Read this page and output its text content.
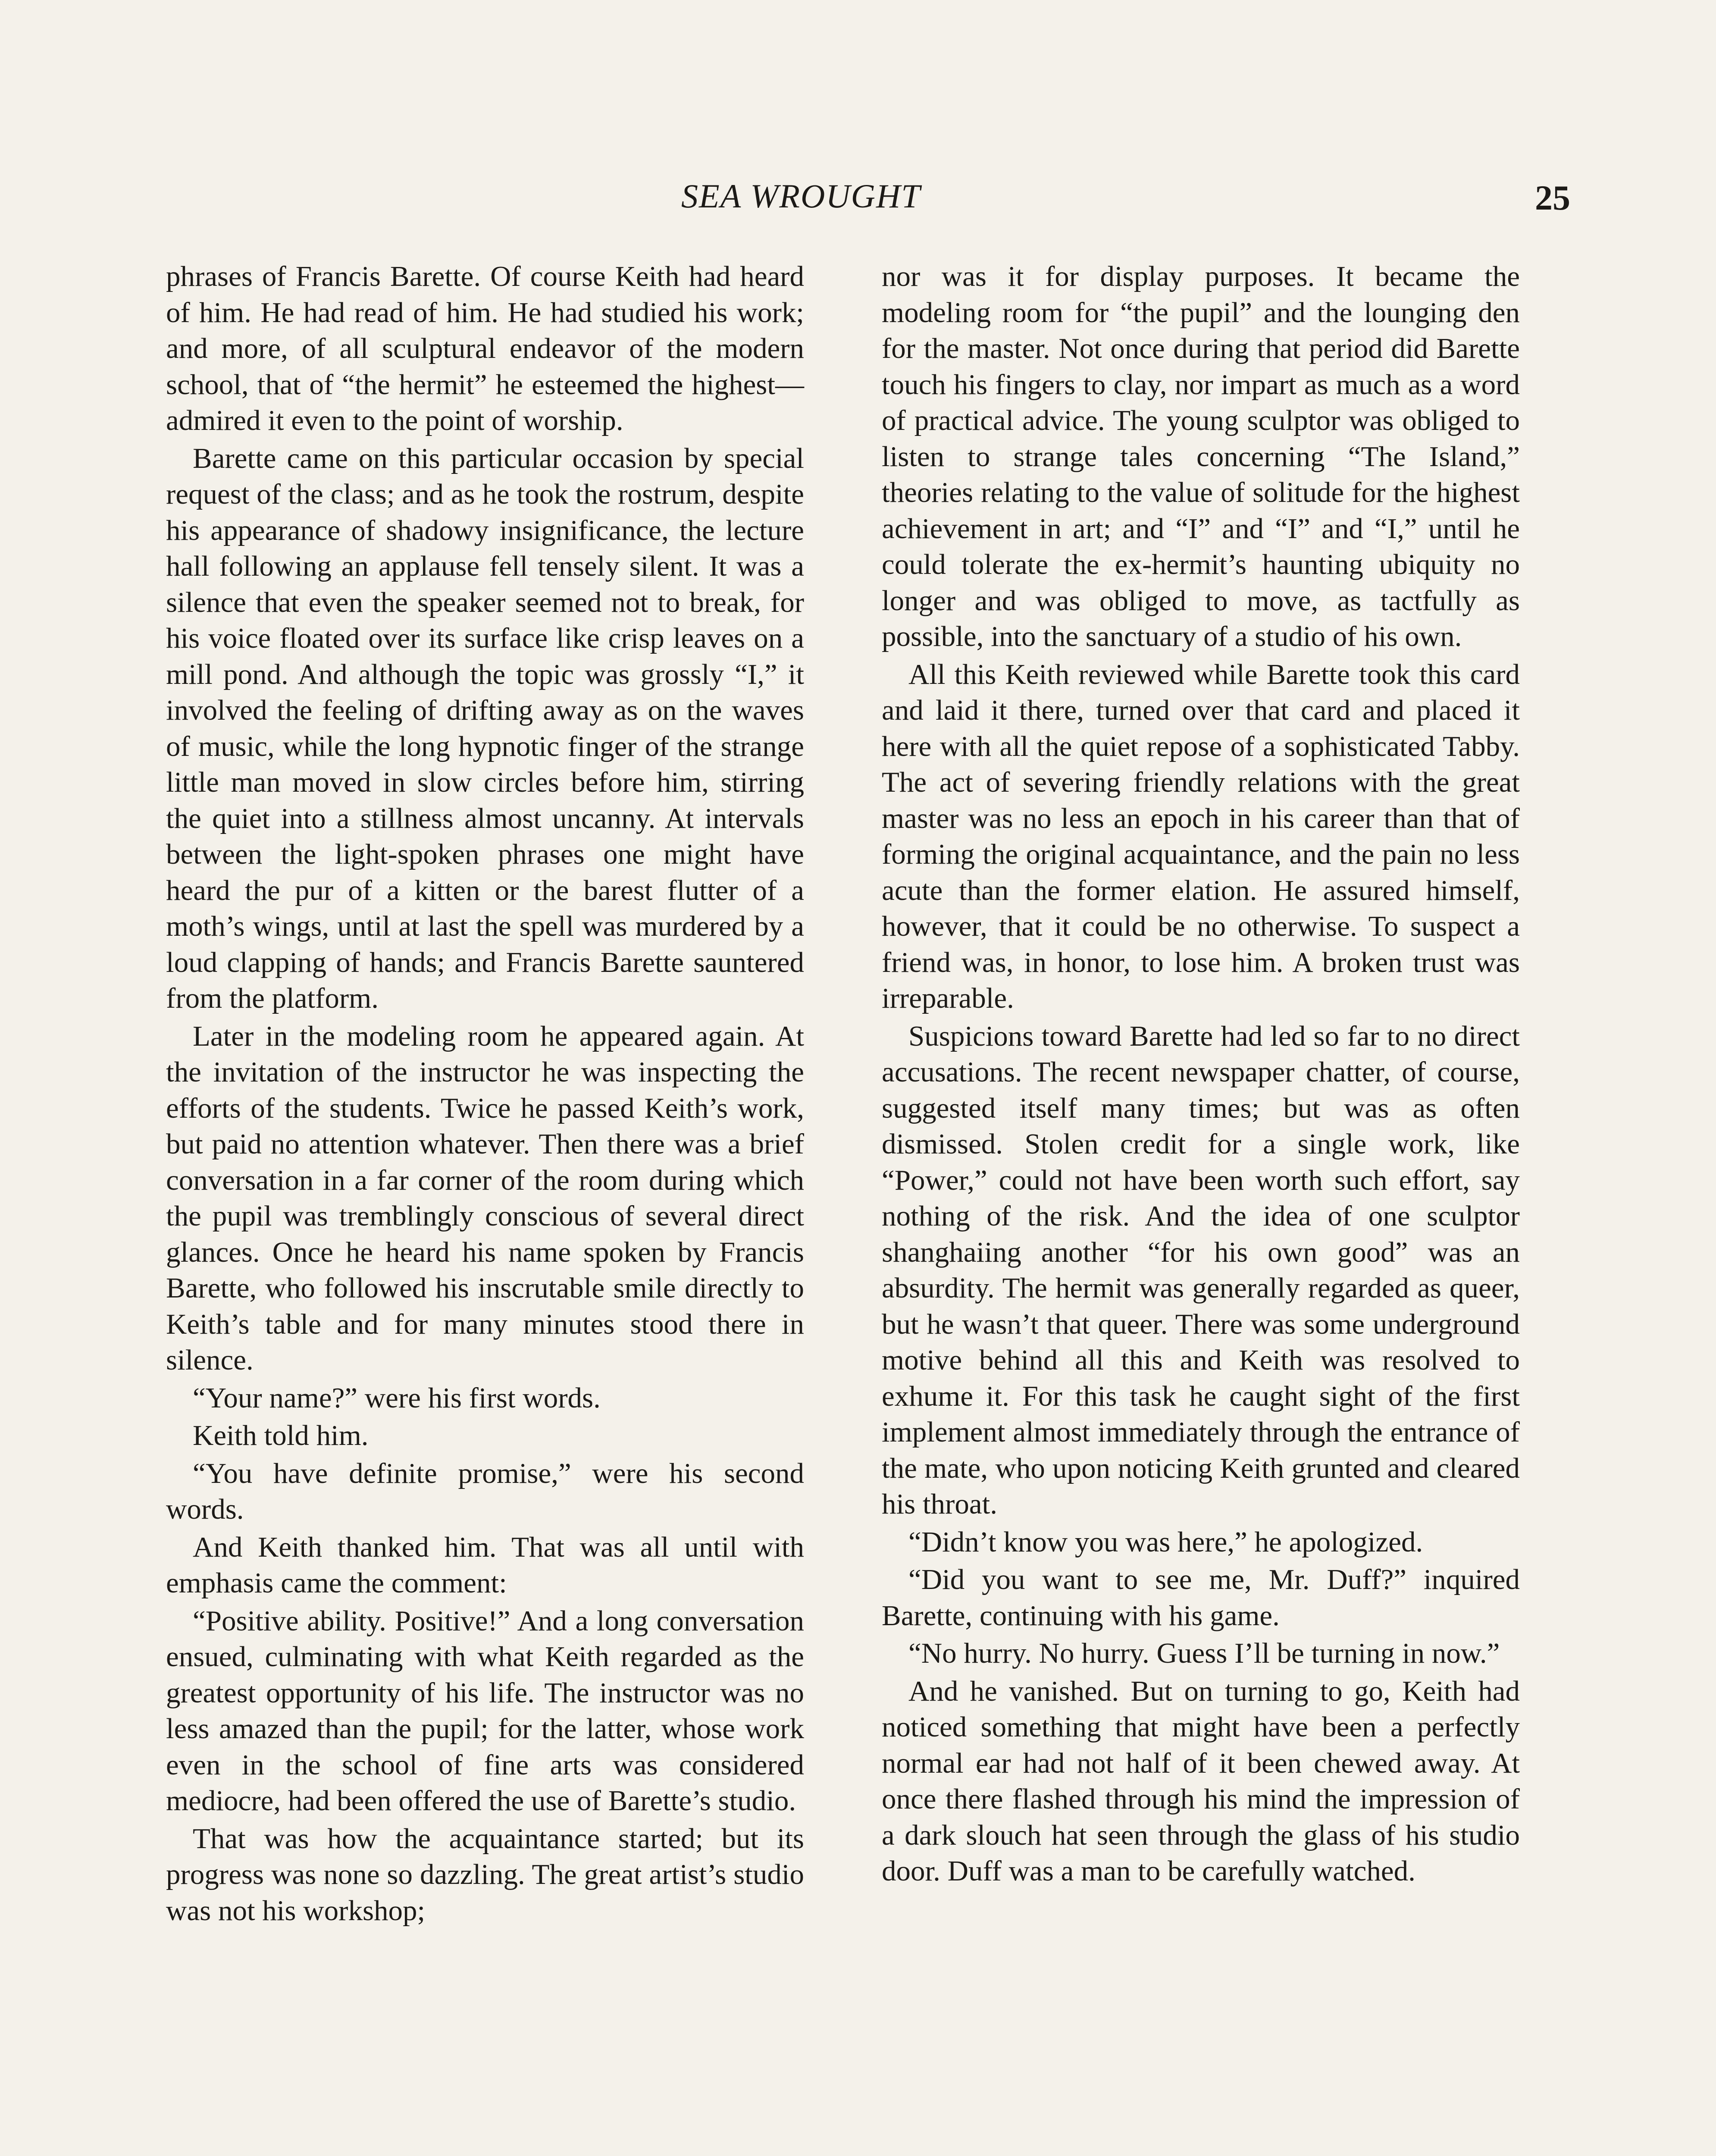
SEA WROUGHT	25

phrases of Francis Barette. Of course Keith had heard of him. He had read of him. He had studied his work; and more, of all sculptural endeavor of the modern school, that of “the hermit” he esteemed the highest—admired it even to the point of worship.

Barette came on this particular occasion by special request of the class; and as he took the rostrum, despite his appearance of shadowy insignificance, the lecture hall following an applause fell tensely silent. It was a silence that even the speaker seemed not to break, for his voice floated over its surface like crisp leaves on a mill pond. And although the topic was grossly “I,” it involved the feeling of drifting away as on the waves of music, while the long hypnotic finger of the strange little man moved in slow circles before him, stirring the quiet into a stillness almost uncanny. At intervals between the light-spoken phrases one might have heard the pur of a kitten or the barest flutter of a moth’s wings, until at last the spell was murdered by a loud clapping of hands; and Francis Barette sauntered from the platform.

Later in the modeling room he appeared again. At the invitation of the instructor he was inspecting the efforts of the students. Twice he passed Keith’s work, but paid no attention whatever. Then there was a brief conversation in a far corner of the room during which the pupil was tremblingly conscious of several direct glances. Once he heard his name spoken by Francis Barette, who followed his inscrutable smile directly to Keith’s table and for many minutes stood there in silence.

“Your name?” were his first words.

Keith told him.

“You have definite promise,” were his second words.

And Keith thanked him. That was all until with emphasis came the comment:

“Positive ability. Positive!” And a long conversation ensued, culminating with what Keith regarded as the greatest opportunity of his life. The instructor was no less amazed than the pupil; for the latter, whose work even in the school of fine arts was considered mediocre, had been offered the use of Barette’s studio.

That was how the acquaintance started; but its progress was none so dazzling. The great artist’s studio was not his workshop;

nor was it for display purposes. It became the modeling room for “the pupil” and the lounging den for the master. Not once during that period did Barette touch his fingers to clay, nor impart as much as a word of practical advice. The young sculptor was obliged to listen to strange tales concerning “The Island,” theories relating to the value of solitude for the highest achievement in art; and “I” and “I” and “I,” until he could tolerate the ex-hermit’s haunting ubiquity no longer and was obliged to move, as tactfully as possible, into the sanctuary of a studio of his own.

All this Keith reviewed while Barette took this card and laid it there, turned over that card and placed it here with all the quiet repose of a sophisticated Tabby. The act of severing friendly relations with the great master was no less an epoch in his career than that of forming the original acquaintance, and the pain no less acute than the former elation. He assured himself, however, that it could be no otherwise. To suspect a friend was, in honor, to lose him. A broken trust was irreparable.

Suspicions toward Barette had led so far to no direct accusations. The recent newspaper chatter, of course, suggested itself many times; but was as often dismissed. Stolen credit for a single work, like “Power,” could not have been worth such effort, say nothing of the risk. And the idea of one sculptor shanghaiing another “for his own good” was an absurdity. The hermit was generally regarded as queer, but he wasn’t that queer. There was some underground motive behind all this and Keith was resolved to exhume it. For this task he caught sight of the first implement almost immediately through the entrance of the mate, who upon noticing Keith grunted and cleared his throat.

“Didn’t know you was here,” he apologized.

“Did you want to see me, Mr. Duff?” inquired Barette, continuing with his game.

“No hurry. No hurry. Guess I’ll be turning in now.”

And he vanished. But on turning to go, Keith had noticed something that might have been a perfectly normal ear had not half of it been chewed away. At once there flashed through his mind the impression of a dark slouch hat seen through the glass of his studio door. Duff was a man to be carefully watched.
